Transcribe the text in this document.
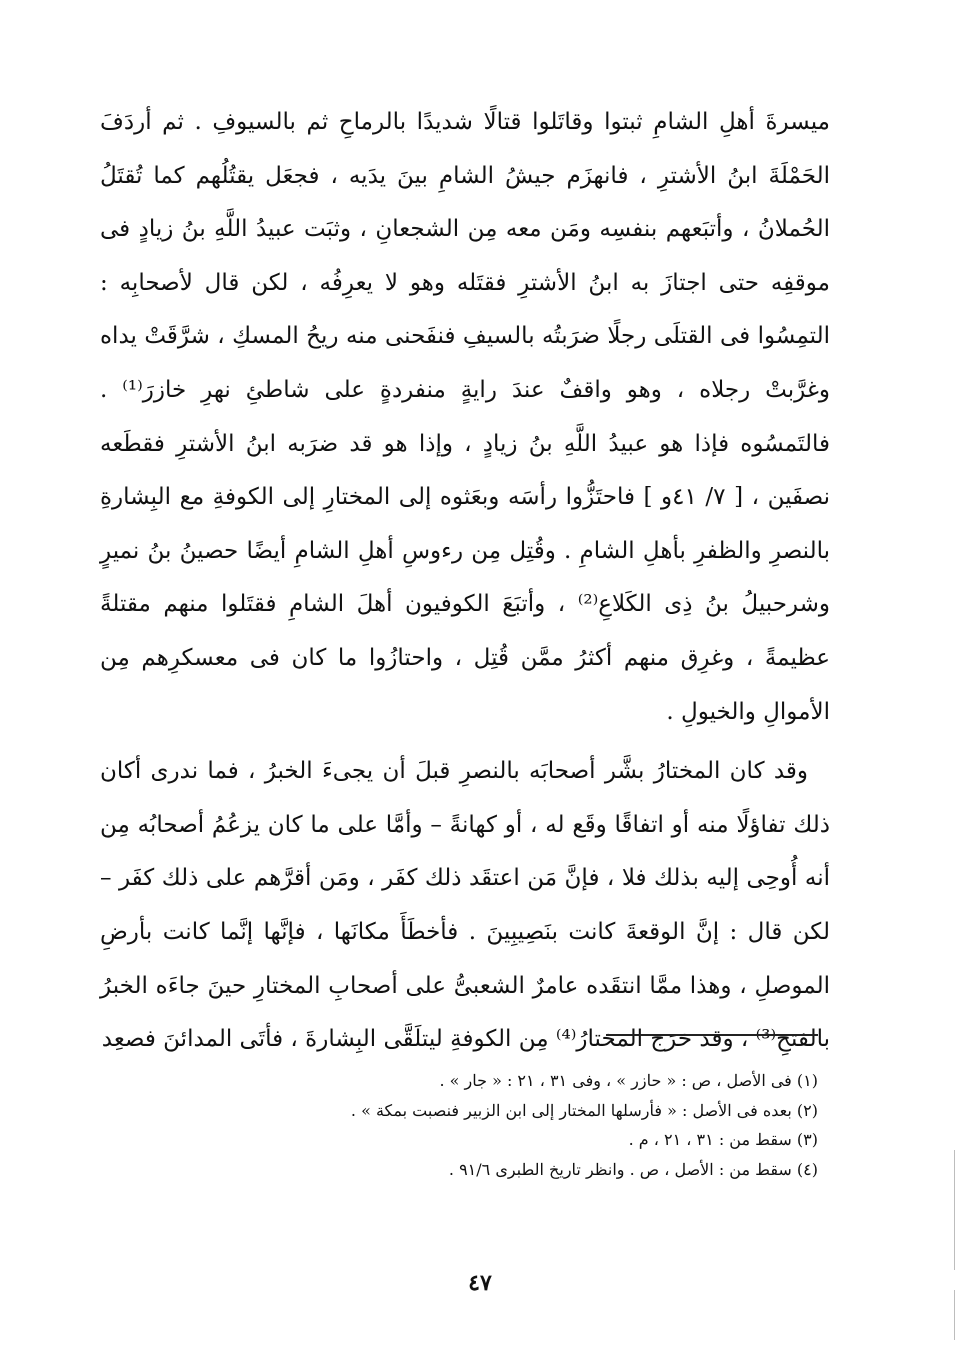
ميسرةَ أهلِ الشامِ ثبتوا وقاتَلوا قتالًا شديدًا بالرماحِ ثم بالسيوفِ . ثم أردَفَ الحَمْلَةَ ابنُ الأشترِ ، فانهزَم جيشُ الشامِ بينَ يدَيه ، فجعَل يقتُلُهم كما تُقتَلُ الحُملانُ ، وأتبَعهم بنفسِه ومَن معه مِن الشجعانِ ، وثبَت عبيدُ اللَّهِ بنُ زيادٍ فى موقفِه حتى اجتازَ به ابنُ الأشترِ فقتَله وهو لا يعرِفُه ، لكن قال لأصحابِه : التمِسُوا فى القتلَى رجلًا ضرَبتُه بالسيفِ فنفَحنى منه ريحُ المسكِ ، شرَّقَتْ يداه وغرَّبتْ رجلاه ، وهو واقفٌ عندَ رايةٍ منفردةٍ على شاطئِ نهرِ خازرَ⁽¹⁾ . فالتَمسُوه فإذا هو عبيدُ اللَّهِ بنُ زيادٍ ، وإذا هو قد ضرَبه ابنُ الأشترِ فقطَعه نصفَين ، [ ٧/ ٤١و ] فاحتَزُّوا رأسَه وبعَثوه إلى المختارِ إلى الكوفةِ مع البِشارةِ بالنصرِ والظفرِ بأهلِ الشامِ . وقُتِل مِن رءوسِ أهلِ الشامِ أيضًا حصينُ بنُ نميرٍ وشرحبيلُ بنُ ذِى الكَلاعِ⁽²⁾ ، وأتبَعَ الكوفيون أهلَ الشامِ فقتَلوا منهم مقتلةً عظيمةً ، وغرِق منهم أكثرُ ممَّن قُتِل ، واحتازُوا ما كان فى معسكرِهم مِن الأموالِ والخيولِ .

وقد كان المختارُ بشَّر أصحابَه بالنصرِ قبلَ أن يجىءَ الخبرُ ، فما ندرى أكان ذلك تفاؤلًا منه أو اتفاقًا وقَع له ، أو كهانةً – وأمَّا على ما كان يزعُمُ أصحابُه مِن أنه أُوحِى إليه بذلك فلا ، فإنَّ مَن اعتقَد ذلك كفَر ، ومَن أقرَّهم على ذلك كفَر – لكن قال : إنَّ الوقعةَ كانت بنَصِيبِينَ . فأخطَأَ مكانَها ، فإنَّها إنَّما كانت بأرضِ الموصلِ ، وهذا ممَّا انتقَده عامرٌ الشعبىُّ على أصحابِ المختارِ حينَ جاءَه الخبرُ بالفتحِ⁽³⁾ ، وقد خرَج المختارُ⁽⁴⁾ مِن الكوفةِ ليتلَقَّى البِشارةَ ، فأتَى المدائنَ فصعِد

(١) فى الأصل ، ص : « حازر » ، وفى ٣١ ، ٢١ : « جار » .
(٢) بعده فى الأصل : « فأرسلها المختار إلى ابن الزبير فنصبت بمكة » .
(٣) سقط من : ٣١ ، ٢١ ، م .
(٤) سقط من : الأصل ، ص . وانظر تاريخ الطبرى ٩١/٦ .
٤٧
